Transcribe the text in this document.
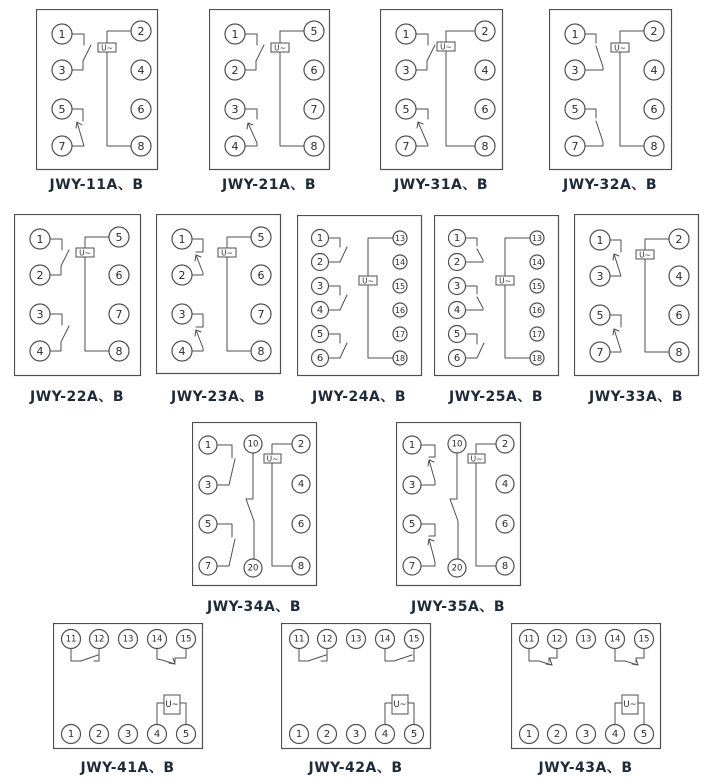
U~
1
3
5
7
2
4
6
8
JWY-11A、B
U~
1
2
3
4
5
6
7
8
JWY-21A、B
U~
1
3
5
7
2
4
6
8
JWY-31A、B
U~
1
3
5
7
2
4
6
8
JWY-32A、B
U~
1
2
3
4
5
6
7
8
JWY-22A、B
U~
1
2
3
4
5
6
7
8
JWY-23A、B
U~
1
2
3
4
5
6
13
14
15
16
17
18
JWY-24A、B
U~
1
2
3
4
5
6
13
14
15
16
17
18
JWY-25A、B
U~
1
3
5
7
2
4
6
8
JWY-33A、B
U~
1
3
5
7
10
20
2
4
6
8
JWY-34A、B
U~
1
3
5
7
10
20
2
4
6
8
JWY-35A、B
U~
11 12 13 14 15
1 2 3 4 5
JWY-41A、B
U~
11 12 13 14 15
1 2 3 4 5
JWY-42A、B
U~
11 12 13 14 15
1 2 3 4 5
JWY-43A、B
